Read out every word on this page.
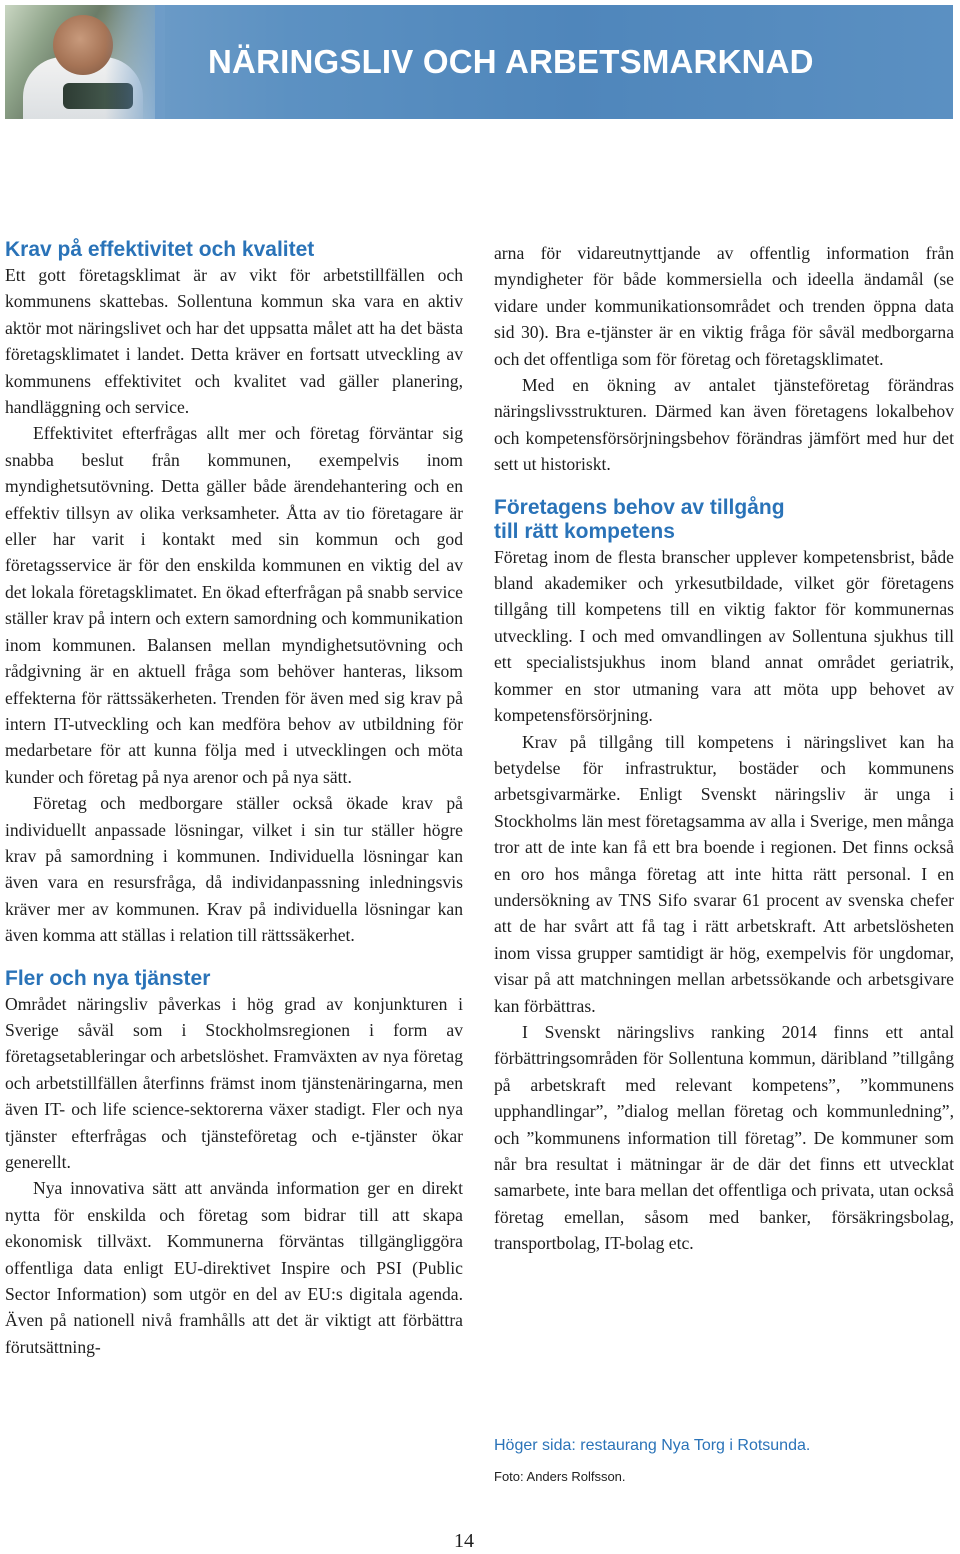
NÄRINGSLIV OCH ARBETSMARKNAD
Krav på effektivitet och kvalitet

Ett gott företagsklimat är av vikt för arbetstillfällen och kommunens skattebas. Sollentuna kommun ska vara en aktiv aktör mot näringslivet och har det uppsatta målet att ha det bästa företagsklimatet i landet. Detta kräver en fortsatt utveckling av kommunens effektivitet och kvalitet vad gäller planering, handläggning och service.

Effektivitet efterfrågas allt mer och företag förväntar sig snabba beslut från kommunen, exempelvis inom myndighetsutövning. Detta gäller både ärendehantering och en effektiv tillsyn av olika verksamheter. Åtta av tio företagare är eller har varit i kontakt med sin kommun och god företagsservice är för den enskilda kommunen en viktig del av det lokala företagsklimatet. En ökad efterfrågan på snabb service ställer krav på intern och extern samordning och kommunikation inom kommunen. Balansen mellan myndighetsutövning och rådgivning är en aktuell fråga som behöver hanteras, liksom effekterna för rättssäkerheten. Trenden för även med sig krav på intern IT-utveckling och kan medföra behov av utbildning för medarbetare för att kunna följa med i utvecklingen och möta kunder och företag på nya arenor och på nya sätt.

Företag och medborgare ställer också ökade krav på individuellt anpassade lösningar, vilket i sin tur ställer högre krav på samordning i kommunen. Individuella lösningar kan även vara en resursfråga, då individanpassning inledningsvis kräver mer av kommunen. Krav på individuella lösningar kan även komma att ställas i relation till rättssäkerhet.

Fler och nya tjänster

Området näringsliv påverkas i hög grad av konjunkturen i Sverige såväl som i Stockholmsregionen i form av företagsetableringar och arbetslöshet. Framväxten av nya företag och arbetstillfällen återfinns främst inom tjänstenäringarna, men även IT- och life science-sektorerna växer stadigt. Fler och nya tjänster efterfrågas och tjänsteföretag och e-tjänster ökar generellt.

Nya innovativa sätt att använda information ger en direkt nytta för enskilda och företag som bidrar till att skapa ekonomisk tillväxt. Kommunerna förväntas tillgängliggöra offentliga data enligt EU-direktivet Inspire och PSI (Public Sector Information) som utgör en del av EU:s digitala agenda. Även på nationell nivå framhålls att det är viktigt att förbättra förutsättning-

arna för vidareutnyttjande av offentlig information från myndigheter för både kommersiella och ideella ändamål (se vidare under kommunikationsområdet och trenden öppna data sid 30). Bra e-tjänster är en viktig fråga för såväl medborgarna och det offentliga som för företag och företagsklimatet.

Med en ökning av antalet tjänsteföretag förändras näringslivsstrukturen. Därmed kan även företagens lokalbehov och kompetensförsörjningsbehov förändras jämfört med hur det sett ut historiskt.

Företagens behov av tillgång
till rätt kompetens

Företag inom de flesta branscher upplever kompetensbrist, både bland akademiker och yrkesutbildade, vilket gör företagens tillgång till kompetens till en viktig faktor för kommunernas utveckling. I och med omvandlingen av Sollentuna sjukhus till ett specialistsjukhus inom bland annat området geriatrik, kommer en stor utmaning vara att möta upp behovet av kompetensförsörjning.

Krav på tillgång till kompetens i näringslivet kan ha betydelse för infrastruktur, bostäder och kommunens arbetsgivarmärke. Enligt Svenskt näringsliv är unga i Stockholms län mest företagsamma av alla i Sverige, men många tror att de inte kan få ett bra boende i regionen. Det finns också en oro hos många företag att inte hitta rätt personal. I en undersökning av TNS Sifo svarar 61 procent av svenska chefer att de har svårt att få tag i rätt arbetskraft. Att arbetslösheten inom vissa grupper samtidigt är hög, exempelvis för ungdomar, visar på att matchningen mellan arbetssökande och arbetsgivare kan förbättras.

I Svenskt näringslivs ranking 2014 finns ett antal förbättringsområden för Sollentuna kommun, däribland ”tillgång på arbetskraft med relevant kompetens”, ”kommunens upphandlingar”, ”dialog mellan företag och kommunledning”, och ”kommunens information till företag”. De kommuner som når bra resultat i mätningar är de där det finns ett utvecklat samarbete, inte bara mellan det offentliga och privata, utan också företag emellan, såsom med banker, försäkringsbolag, transportbolag, IT-bolag etc.

Höger sida: restaurang Nya Torg i Rotsunda.

Foto: Anders Rolfsson.

14
